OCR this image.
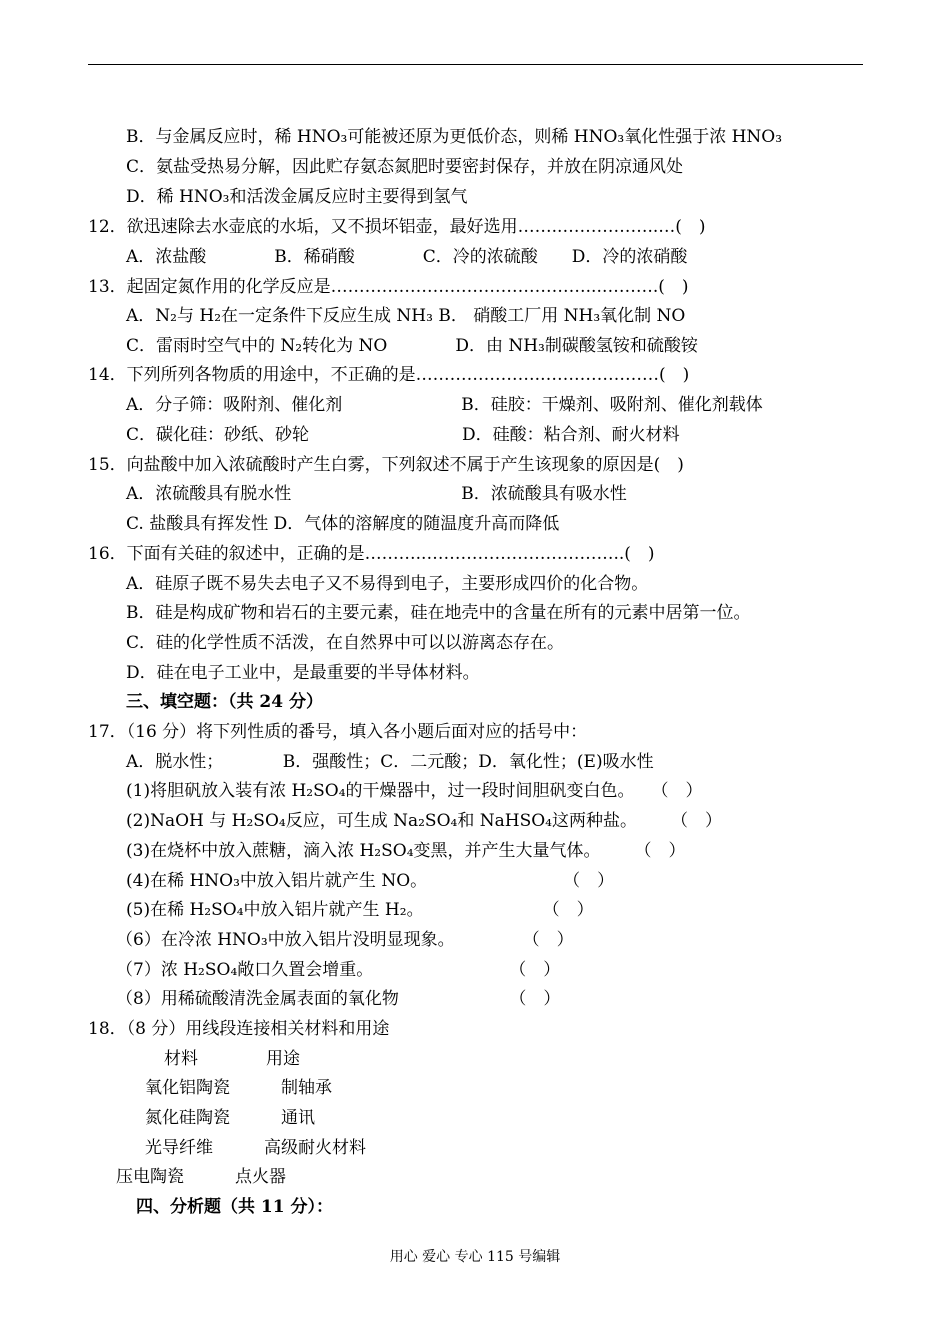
B．与金属反应时，稀 HNO₃可能被还原为更低价态，则稀 HNO₃氧化性强于浓 HNO₃
C．氨盐受热易分解，因此贮存氨态氮肥时要密封保存，并放在阴凉通风处
D．稀 HNO₃和活泼金属反应时主要得到氢气
12．欲迅速除去水壶底的水垢，又不损坏铝壶，最好选用……..……………..…(　)
A．浓盐酸　　　　B．稀硝酸　　　　C．冷的浓硫酸　　D．冷的浓硝酸
13．起固定氮作用的化学反应是………………………………………...……….(　)
A．N₂与 H₂在一定条件下反应生成 NH₃ B． 硝酸工厂用 NH₃氧化制 NO
C．雷雨时空气中的 N₂转化为 NO　　　　D．由 NH₃制碳酸氢铵和硫酸铵
14．下列所列各物质的用途中，不正确的是………………….…………………(　)
A．分子筛：吸附剂、催化剂　　　　　　　B．硅胶：干燥剂、吸附剂、催化剂载体
C．碳化硅：砂纸、砂轮　　　　　　　　　D．硅酸：粘合剂、耐火材料
15．向盐酸中加入浓硫酸时产生白雾，下列叙述不属于产生该现象的原因是(　)
A．浓硫酸具有脱水性　　　　　　　　　　B．浓硫酸具有吸水性
C. 盐酸具有挥发性 D．气体的溶解度的随温度升高而降低
16．下面有关硅的叙述中，正确的是………..……………………………..(　)
A．硅原子既不易失去电子又不易得到电子，主要形成四价的化合物。
B．硅是构成矿物和岩石的主要元素，硅在地壳中的含量在所有的元素中居第一位。
C．硅的化学性质不活泼，在自然界中可以以游离态存在。
D．硅在电子工业中，是最重要的半导体材料。
三、填空题：（共 24 分）
17．（16 分）将下列性质的番号，填入各小题后面对应的括号中：
A．脱水性；　　　　B．强酸性；C．二元酸；D．氧化性；(E)吸水性
(1)将胆矾放入装有浓 H₂SO₄的干燥器中，过一段时间胆矾变白色。　　（　）
(2)NaOH 与 H₂SO₄反应，可生成 Na₂SO₄和 NaHSO₄这两种盐。　　　（　）
(3)在烧杯中放入蔗糖，滴入浓 H₂SO₄变黑，并产生大量气体。　　　（　）
(4)在稀 HNO₃中放入铝片就产生 NO。　　　　　　　　　（　）
(5)在稀 H₂SO₄中放入铝片就产生 H₂。　　　　　　　　（　）
（6）在冷浓 HNO₃中放入铝片没明显现象。　　　　　（　）
（7）浓 H₂SO₄敞口久置会增重。　　　　　　　　　（　）
（8）用稀硫酸清洗金属表面的氧化物　　　　　　　（　）
18．（8 分）用线段连接相关材料和用途
材料　　　　用途
氧化铝陶瓷　　　制轴承
氮化硅陶瓷　　　通讯
光导纤维　　　高级耐火材料
压电陶瓷　　　点火器
四、分析题（共 11 分）：
用心 爱心 专心 115 号编辑
